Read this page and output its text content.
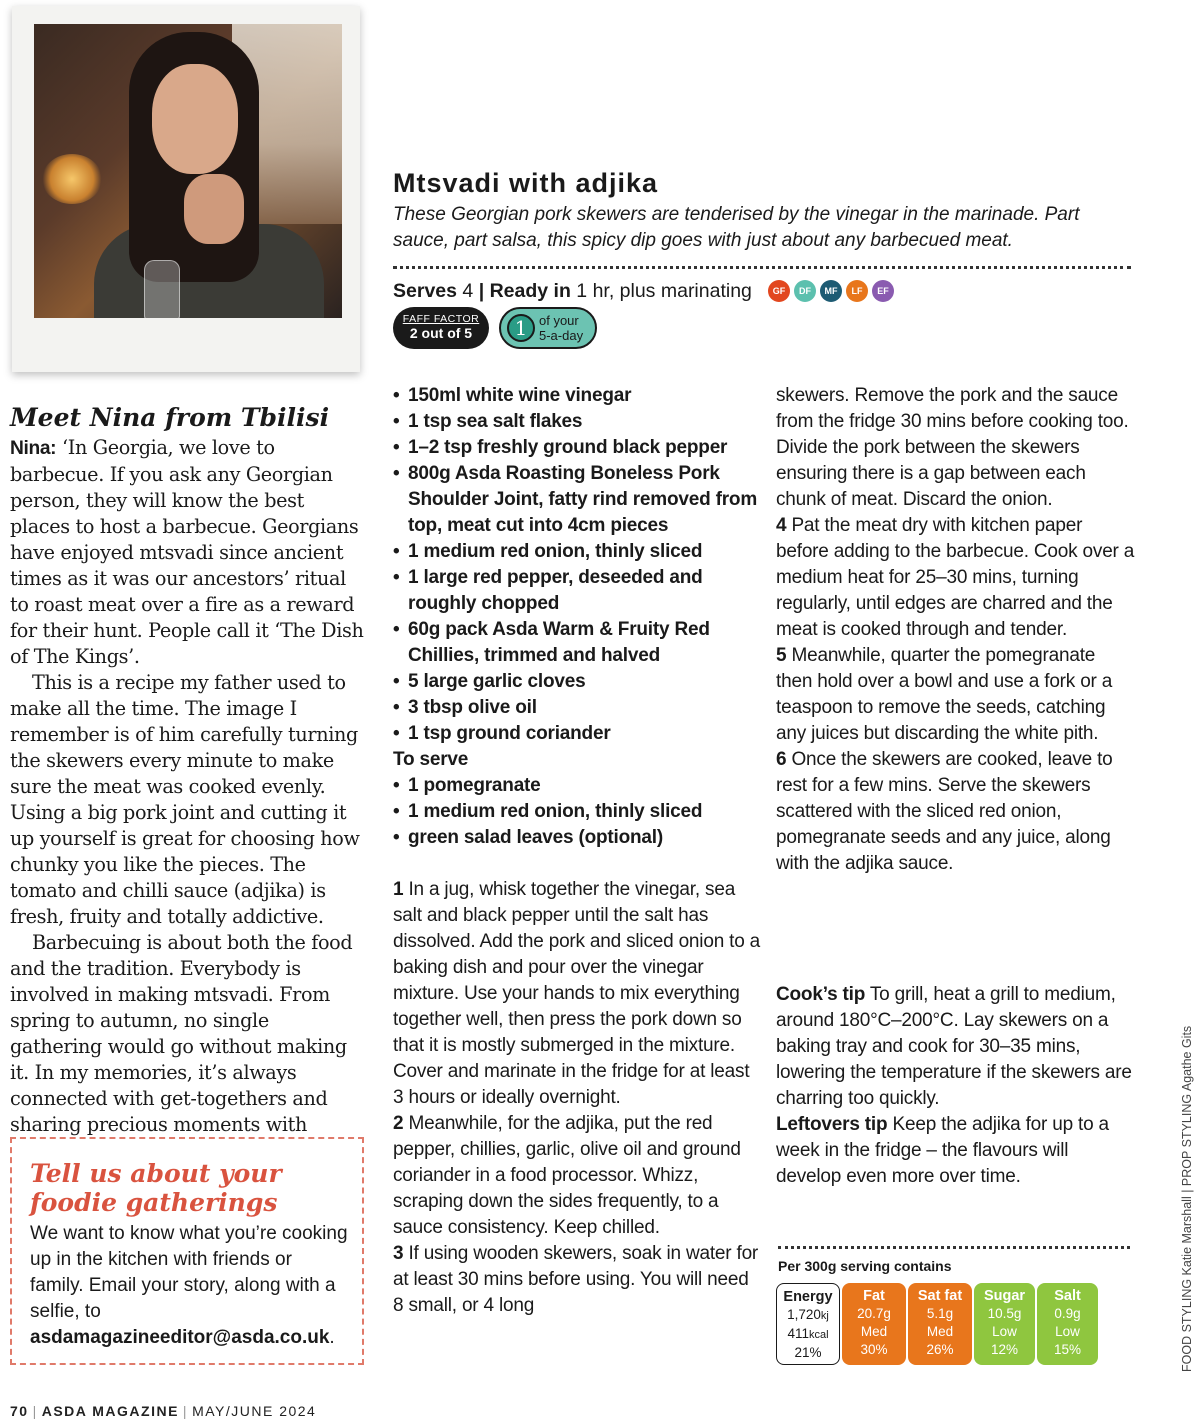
Meet Nina from Tbilisi

Nina: ‘In Georgia, we love to barbecue. If you ask any Georgian person, they will know the best places to host a barbecue. Georgians have enjoyed mtsvadi since ancient times as it was our ancestors’ ritual to roast meat over a fire as a reward for their hunt. People call it ‘The Dish of The Kings’.

This is a recipe my father used to make all the time. The image I remember is of him carefully turning the skewers every minute to make sure the meat was cooked evenly. Using a big pork joint and cutting it up yourself is great for choosing how chunky you like the pieces. The tomato and chilli sauce (adjika) is fresh, fruity and totally addictive.

Barbecuing is about both the food and the tradition. Everybody is involved in making mtsvadi. From spring to autumn, no single gathering would go without making it. In my memories, it’s always connected with get-togethers and sharing precious moments with

Tell us about your foodie gatherings
We want to know what you’re cooking up in the kitchen with friends or family. Email your story, along with a selfie, to asdamagazineeditor@asda.co.uk.
70 | ASDA MAGAZINE | MAY/JUNE 2024
FOOD STYLING Katie Marshall | PROP STYLING Agathe Gits
Mtsvadi with adjika
These Georgian pork skewers are tenderised by the vinegar in the marinade. Part sauce, part salsa, this spicy dip goes with just about any barbecued meat.
Serves 4 | Ready in 1 hr, plus marinating	GF	DF	MF	LF	EF
FAFF FACTOR
2 out of 5	1 of your
5-a-day
• 150ml white wine vinegar
• 1 tsp sea salt flakes
• 1–2 tsp freshly ground black pepper
• 800g Asda Roasting Boneless Pork Shoulder Joint, fatty rind removed from top, meat cut into 4cm pieces
• 1 medium red onion, thinly sliced
• 1 large red pepper, deseeded and roughly chopped
• 60g pack Asda Warm & Fruity Red Chillies, trimmed and halved
• 5 large garlic cloves
• 3 tbsp olive oil
• 1 tsp ground coriander
To serve
• 1 pomegranate
• 1 medium red onion, thinly sliced
• green salad leaves (optional)
1 In a jug, whisk together the vinegar, sea salt and black pepper until the salt has dissolved. Add the pork and sliced onion to a baking dish and pour over the vinegar mixture. Use your hands to mix everything together well, then press the pork down so that it is mostly submerged in the mixture. Cover and marinate in the fridge for at least 3 hours or ideally overnight.
2 Meanwhile, for the adjika, put the red pepper, chillies, garlic, olive oil and ground coriander in a food processor. Whizz, scraping down the sides frequently, to a sauce consistency. Keep chilled.
3 If using wooden skewers, soak in water for at least 30 mins before using. You will need 8 small, or 4 long
skewers. Remove the pork and the sauce from the fridge 30 mins before cooking too. Divide the pork between the skewers ensuring there is a gap between each chunk of meat. Discard the onion.
4 Pat the meat dry with kitchen paper before adding to the barbecue. Cook over a medium heat for 25–30 mins, turning regularly, until edges are charred and the meat is cooked through and tender.
5 Meanwhile, quarter the pomegranate then hold over a bowl and use a fork or a teaspoon to remove the seeds, catching any juices but discarding the white pith.
6 Once the skewers are cooked, leave to rest for a few mins. Serve the skewers scattered with the sliced red onion, pomegranate seeds and any juice, along with the adjika sauce.
Cook’s tip To grill, heat a grill to medium, around 180°C–200°C. Lay skewers on a baking tray and cook for 30–35 mins, lowering the temperature if the skewers are charring too quickly.
Leftovers tip Keep the adjika for up to a week in the fridge – the flavours will develop even more over time.
Per 300g serving contains
Energy
1,720kj
411kcal
21%
Fat
20.7g
Med
30%
Sat fat
5.1g
Med
26%
Sugar
10.5g
Low
12%
Salt
0.9g
Low
15%
